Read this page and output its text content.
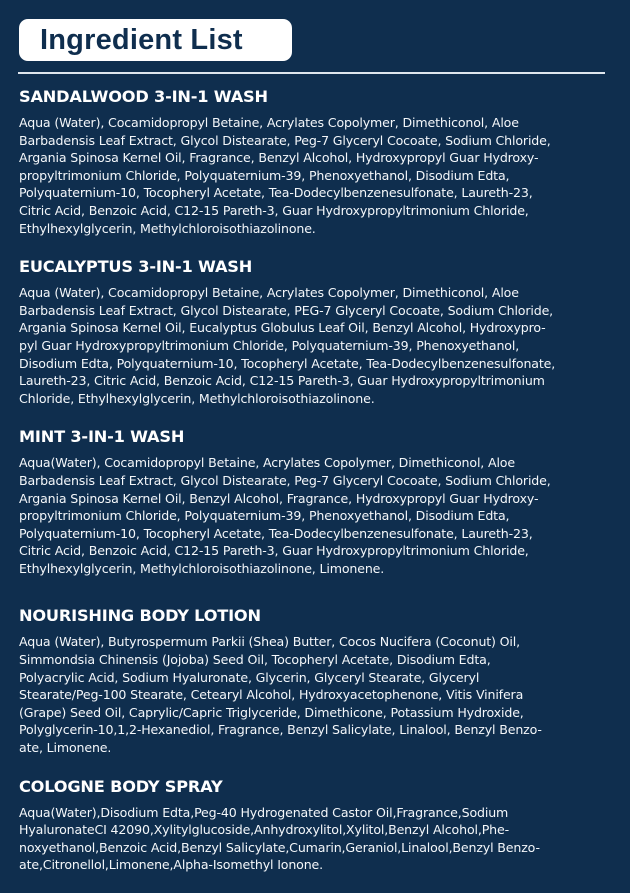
Ingredient List
SANDALWOOD 3-IN-1 WASH

Aqua (Water), Cocamidopropyl Betaine, Acrylates Copolymer, Dimethiconol, Aloe
Barbadensis Leaf Extract, Glycol Distearate, Peg-7 Glyceryl Cocoate, Sodium Chloride,
Argania Spinosa Kernel Oil, Fragrance, Benzyl Alcohol, Hydroxypropyl Guar Hydroxy-
propyltrimonium Chloride, Polyquaternium-39, Phenoxyethanol, Disodium Edta,
Polyquaternium-10, Tocopheryl Acetate, Tea-Dodecylbenzenesulfonate, Laureth-23,
Citric Acid, Benzoic Acid, C12-15 Pareth-3, Guar Hydroxypropyltrimonium Chloride,
Ethylhexylglycerin, Methylchloroisothiazolinone.

EUCALYPTUS 3-IN-1 WASH

Aqua (Water), Cocamidopropyl Betaine, Acrylates Copolymer, Dimethiconol, Aloe
Barbadensis Leaf Extract, Glycol Distearate, PEG-7 Glyceryl Cocoate, Sodium Chloride,
Argania Spinosa Kernel Oil, Eucalyptus Globulus Leaf Oil, Benzyl Alcohol, Hydroxypro-
pyl Guar Hydroxypropyltrimonium Chloride, Polyquaternium-39, Phenoxyethanol,
Disodium Edta, Polyquaternium-10, Tocopheryl Acetate, Tea-Dodecylbenzenesulfonate,
Laureth-23, Citric Acid, Benzoic Acid, C12-15 Pareth-3, Guar Hydroxypropyltrimonium
Chloride, Ethylhexylglycerin, Methylchloroisothiazolinone.

MINT 3-IN-1 WASH

Aqua(Water), Cocamidopropyl Betaine, Acrylates Copolymer, Dimethiconol, Aloe
Barbadensis Leaf Extract, Glycol Distearate, Peg-7 Glyceryl Cocoate, Sodium Chloride,
Argania Spinosa Kernel Oil, Benzyl Alcohol, Fragrance, Hydroxypropyl Guar Hydroxy-
propyltrimonium Chloride, Polyquaternium-39, Phenoxyethanol, Disodium Edta,
Polyquaternium-10, Tocopheryl Acetate, Tea-Dodecylbenzenesulfonate, Laureth-23,
Citric Acid, Benzoic Acid, C12-15 Pareth-3, Guar Hydroxypropyltrimonium Chloride,
Ethylhexylglycerin, Methylchloroisothiazolinone, Limonene.

NOURISHING BODY LOTION

Aqua (Water), Butyrospermum Parkii (Shea) Butter, Cocos Nucifera (Coconut) Oil,
Simmondsia Chinensis (Jojoba) Seed Oil, Tocopheryl Acetate, Disodium Edta,
Polyacrylic Acid, Sodium Hyaluronate, Glycerin, Glyceryl Stearate, Glyceryl
Stearate/Peg-100 Stearate, Cetearyl Alcohol, Hydroxyacetophenone, Vitis Vinifera
(Grape) Seed Oil, Caprylic/Capric Triglyceride, Dimethicone, Potassium Hydroxide,
Polyglycerin-10,1,2-Hexanediol, Fragrance, Benzyl Salicylate, Linalool, Benzyl Benzo-
ate, Limonene.

COLOGNE BODY SPRAY

Aqua(Water),Disodium Edta,Peg-40 Hydrogenated Castor Oil,Fragrance,Sodium
HyaluronateCI 42090,Xylitylglucoside,Anhydroxylitol,Xylitol,Benzyl Alcohol,Phe-
noxyethanol,Benzoic Acid,Benzyl Salicylate,Cumarin,Geraniol,Linalool,Benzyl Benzo-
ate,Citronellol,Limonene,Alpha-Isomethyl Ionone.
